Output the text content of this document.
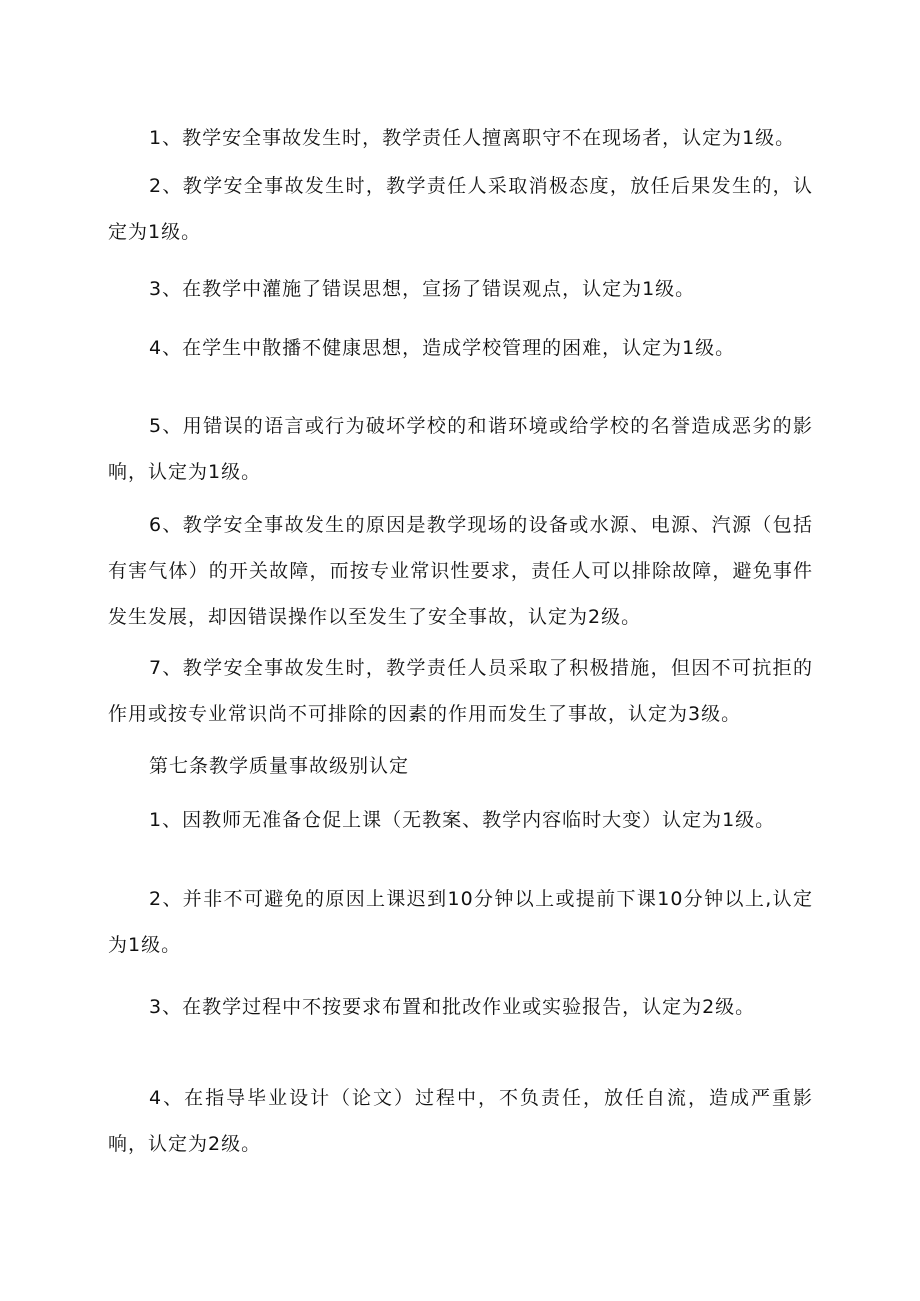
1、教学安全事故发生时，教学责任人擅离职守不在现场者，认定为1级。

2、教学安全事故发生时，教学责任人采取消极态度，放任后果发生的，认定为1级。

3、在教学中灌施了错误思想，宣扬了错误观点，认定为1级。

4、在学生中散播不健康思想，造成学校管理的困难，认定为1级。

5、用错误的语言或行为破坏学校的和谐环境或给学校的名誉造成恶劣的影响，认定为1级。

6、教学安全事故发生的原因是教学现场的设备或水源、电源、汽源（包括有害气体）的开关故障，而按专业常识性要求，责任人可以排除故障，避免事件发生发展，却因错误操作以至发生了安全事故，认定为2级。

7、教学安全事故发生时，教学责任人员采取了积极措施，但因不可抗拒的作用或按专业常识尚不可排除的因素的作用而发生了事故，认定为3级。

第七条教学质量事故级别认定

1、因教师无准备仓促上课（无教案、教学内容临时大变）认定为1级。

2、并非不可避免的原因上课迟到10分钟以上或提前下课10分钟以上,认定为1级。

3、在教学过程中不按要求布置和批改作业或实验报告，认定为2级。

4、在指导毕业设计（论文）过程中，不负责任，放任自流，造成严重影响，认定为2级。
